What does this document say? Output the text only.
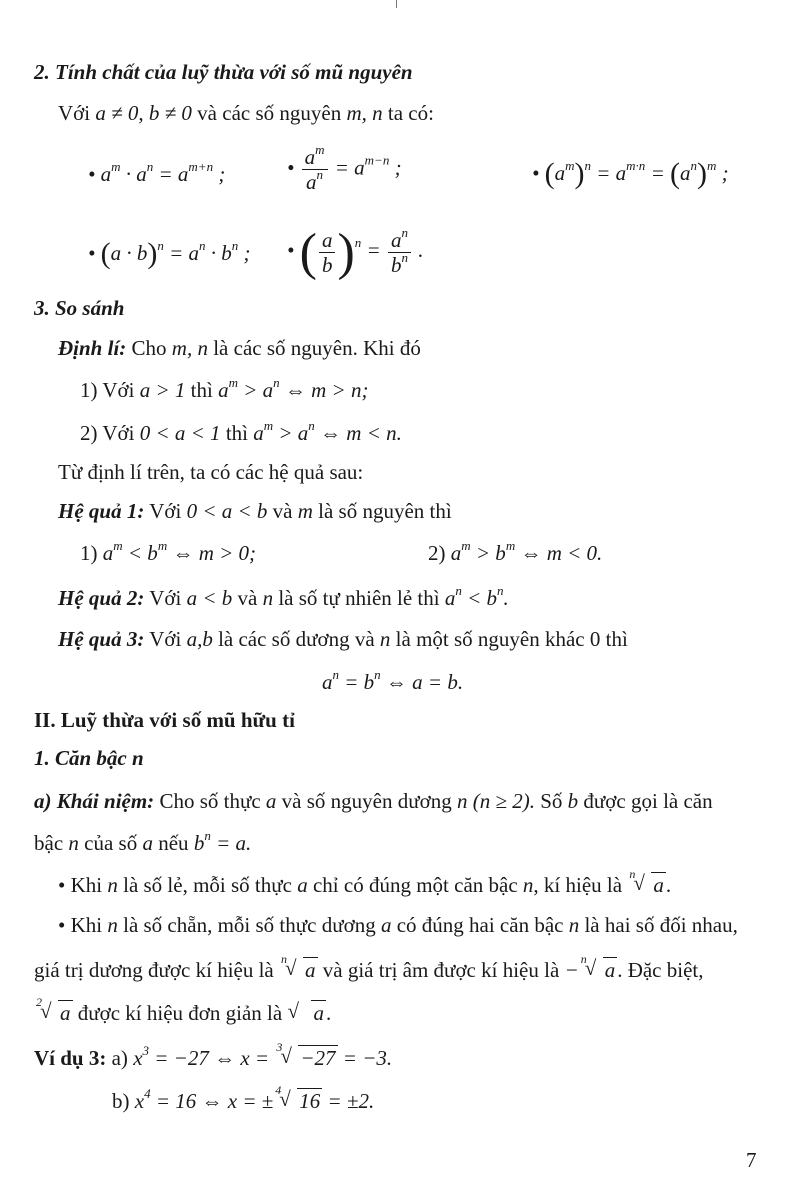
2. Tính chất của luỹ thừa với số mũ nguyên
Với a ≠ 0, b ≠ 0 và các số nguyên m, n ta có:
• $a^m \cdot a^n = a^{m+n}$ ;	• $\frac{a^m}{a^n} = a^{m-n}$ ;	• $(a^m)^n = a^{m\cdot n} = (a^n)^m$ ;
• $(a \cdot b)^n = a^n \cdot b^n$ ; • ( $\frac{a}{b} )^n = \frac{a^n}{b^n}$ .
3. So sánh
Định lí: Cho m, n là các số nguyên. Khi đó
1) Với a > 1 thì $a^m > a^n$ ⇔ m > n;
2) Với 0 < a < 1 thì $a^m > a^n$ ⇔ m < n.
Từ định lí trên, ta có các hệ quả sau:
Hệ quả 1: Với 0 < a < b và m là số nguyên thì
1) $a^m < b^m$ ⇔ m > 0;	2) $a^m > b^m$ ⇔ m < 0.
Hệ quả 2: Với a < b và n là số tự nhiên lẻ thì $a^n < b^n$.
Hệ quả 3: Với a,b là các số dương và n là một số nguyên khác 0 thì
$a^n = b^n$ ⇔ a = b.
II. Luỹ thừa với số mũ hữu tỉ
1. Căn bậc n
a) Khái niệm: Cho số thực a và số nguyên dương n (n ≥ 2). Số b được gọi là căn
bậc n của số a nếu $b^n = a$.
• Khi n là số lẻ, mỗi số thực a chỉ có đúng một căn bậc n, kí hiệu là n
√ a.
• Khi n là số chẵn, mỗi số thực dương a có đúng hai căn bậc n là hai số đối nhau,
giá trị dương được kí hiệu là n
√ a và giá trị âm được kí hiệu là − n
√ a. Đặc biệt,
2
√ a được kí hiệu đơn giản là √ a.
Ví dụ 3: a) $x^3 = -27$ ⇔ x = 3
√ −27 = −3.
b) $x^4 = 16$ ⇔ x = ± 4
√ 16 = ±2.
7
